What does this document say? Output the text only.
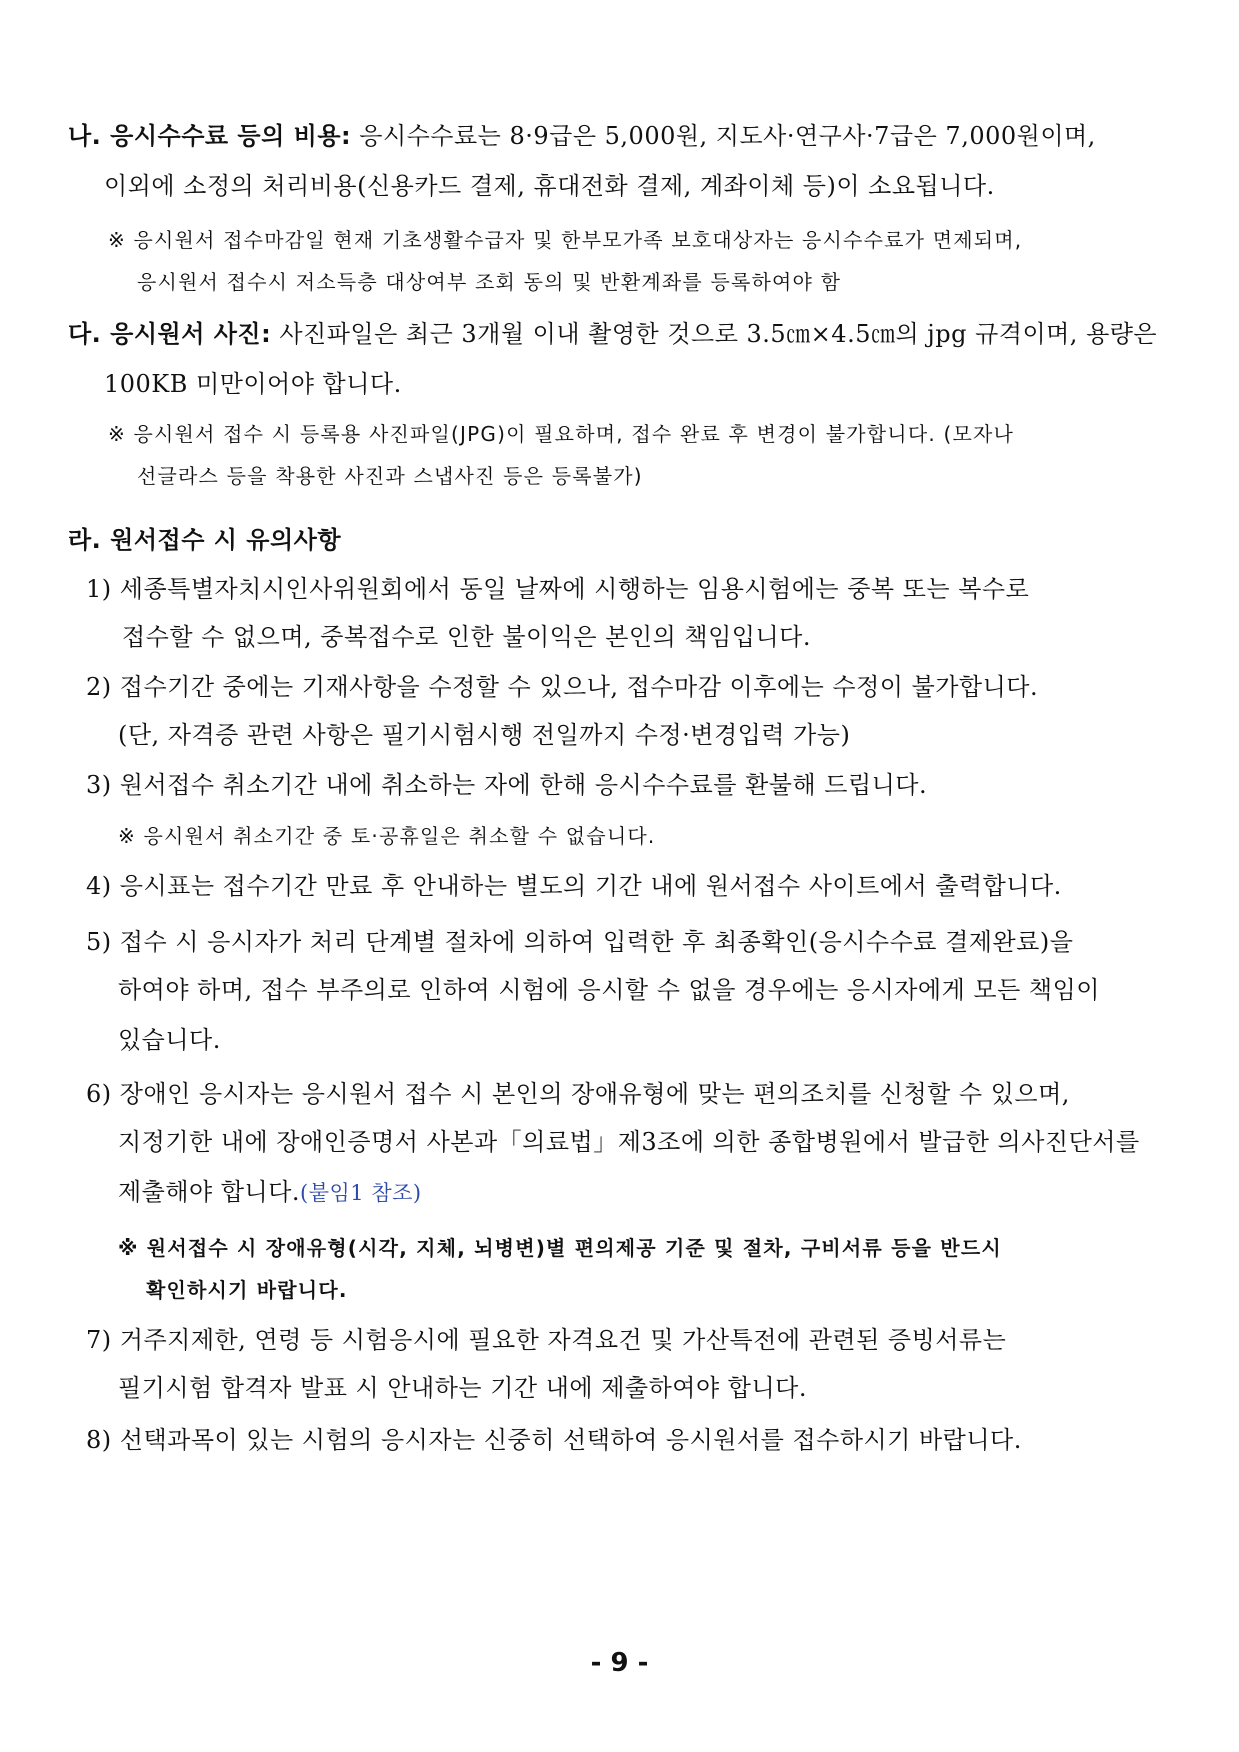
나. 응시수수료 등의 비용: 응시수수료는 8·9급은 5,000원, 지도사·연구사·7급은 7,000원이며,
이외에 소정의 처리비용(신용카드 결제, 휴대전화 결제, 계좌이체 등)이 소요됩니다.
※ 응시원서 접수마감일 현재 기초생활수급자 및 한부모가족 보호대상자는 응시수수료가 면제되며,
응시원서 접수시 저소득층 대상여부 조회 동의 및 반환계좌를 등록하여야 함
다. 응시원서 사진: 사진파일은 최근 3개월 이내 촬영한 것으로 3.5㎝×4.5㎝의 jpg 규격이며, 용량은
100KB 미만이어야 합니다.
※ 응시원서 접수 시 등록용 사진파일(JPG)이 필요하며, 접수 완료 후 변경이 불가합니다. (모자나
선글라스 등을 착용한 사진과 스냅사진 등은 등록불가)
라. 원서접수 시 유의사항
1) 세종특별자치시인사위원회에서 동일 날짜에 시행하는 임용시험에는 중복 또는 복수로
접수할 수 없으며, 중복접수로 인한 불이익은 본인의 책임입니다.
2) 접수기간 중에는 기재사항을 수정할 수 있으나, 접수마감 이후에는 수정이 불가합니다.
(단, 자격증 관련 사항은 필기시험시행 전일까지 수정·변경입력 가능)
3) 원서접수 취소기간 내에 취소하는 자에 한해 응시수수료를 환불해 드립니다.
※ 응시원서 취소기간 중 토·공휴일은 취소할 수 없습니다.
4) 응시표는 접수기간 만료 후 안내하는 별도의 기간 내에 원서접수 사이트에서 출력합니다.
5) 접수 시 응시자가 처리 단계별 절차에 의하여 입력한 후 최종확인(응시수수료 결제완료)을
하여야 하며, 접수 부주의로 인하여 시험에 응시할 수 없을 경우에는 응시자에게 모든 책임이
있습니다.
6) 장애인 응시자는 응시원서 접수 시 본인의 장애유형에 맞는 편의조치를 신청할 수 있으며,
지정기한 내에 장애인증명서 사본과「의료법」제3조에 의한 종합병원에서 발급한 의사진단서를
제출해야 합니다.(붙임1 참조)
※ 원서접수 시 장애유형(시각, 지체, 뇌병변)별 편의제공 기준 및 절차, 구비서류 등을 반드시
확인하시기 바랍니다.
7) 거주지제한, 연령 등 시험응시에 필요한 자격요건 및 가산특전에 관련된 증빙서류는
필기시험 합격자 발표 시 안내하는 기간 내에 제출하여야 합니다.
8) 선택과목이 있는 시험의 응시자는 신중히 선택하여 응시원서를 접수하시기 바랍니다.
- 9 -
